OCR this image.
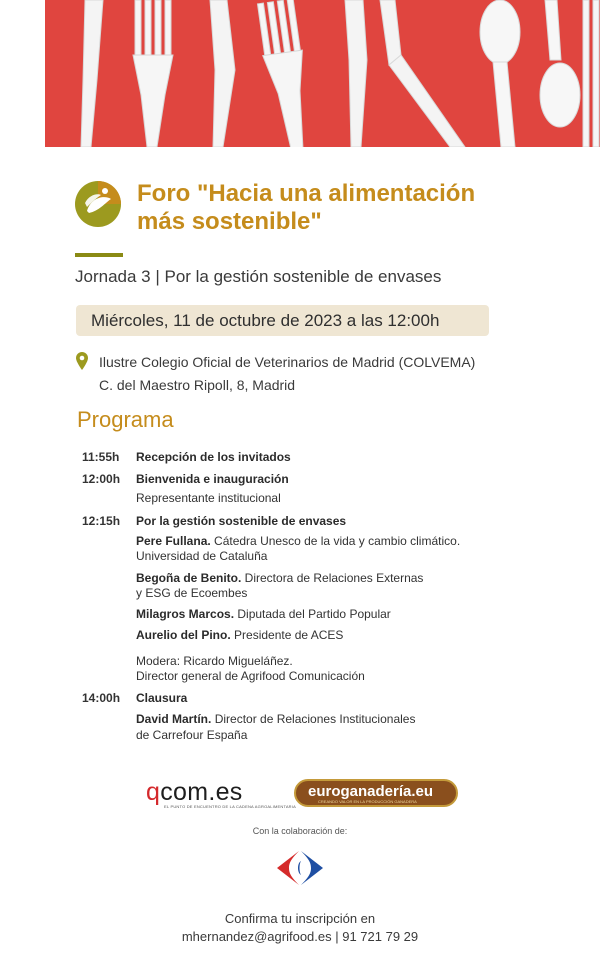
Foro "Hacia una alimentación
más sostenible"
Jornada 3 | Por la gestión sostenible de envases
Miércoles, 11 de octubre de 2023 a las 12:00h
Ilustre Colegio Oficial de Veterinarios de Madrid (COLVEMA)
C. del Maestro Ripoll, 8, Madrid
Programa
11:55h Recepción de los invitados
12:00h Bienvenida e inauguración
Representante institucional
12:15h Por la gestión sostenible de envases
Pere Fullana. Cátedra Unesco de la vida y cambio climático.
Universidad de Cataluña
Begoña de Benito. Directora de Relaciones Externas
y ESG de Ecoembes
Milagros Marcos. Diputada del Partido Popular
Aurelio del Pino. Presidente de ACES
Modera: Ricardo Migueláñez.
Director general de Agrifood Comunicación
14:00h Clausura
David Martín. Director de Relaciones Institucionales
de Carrefour España
qcom.es
EL PUNTO DE ENCUENTRO DE LA CADENA AGROALIMENTARIA
euroganadería.eu
CREANDO VALOR EN LA PRODUCCIÓN GANADERA
Con la colaboración de:
Confirma tu inscripción en
mhernandez@agrifood.es | 91 721 79 29
